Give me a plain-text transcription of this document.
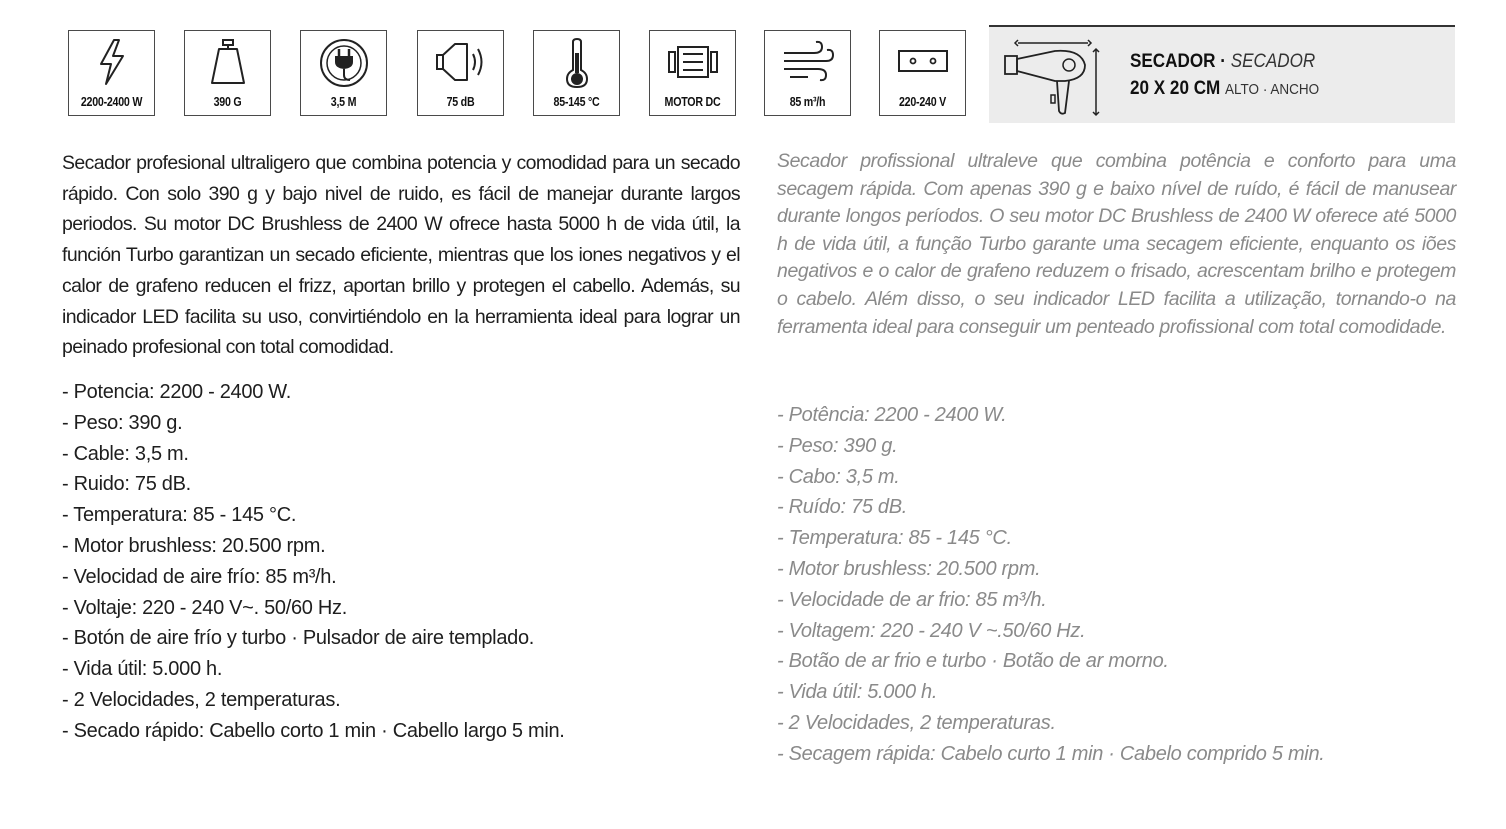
2200-2400 W	390 G	3,5 M	75 dB	85-145 °C	MOTOR DC	85 m³/h	220-240 V
SECADOR · SECADOR
20 X 20 CM ALTO · ANCHO
Secador profesional ultraligero que combina potencia y comodidad para un secado rápido. Con solo 390 g y bajo nivel de ruido, es fácil de manejar durante largos periodos. Su motor DC Brushless de 2400 W ofrece hasta 5000 h de vida útil, la función Turbo garantizan un secado eficiente, mientras que los iones negativos y el calor de grafeno reducen el frizz, aportan brillo y protegen el cabello. Además, su indicador LED facilita su uso, convirtiéndolo en la herramienta ideal para lograr un peinado profesional con total comodidad.
Secador profissional ultraleve que combina potência e conforto para uma secagem rápida. Com apenas 390 g e baixo nível de ruído, é fácil de manusear durante longos períodos. O seu motor DC Brushless de 2400 W oferece até 5000 h de vida útil, a função Turbo garante uma secagem eficiente, enquanto os iões negativos e o calor de grafeno reduzem o frisado, acrescentam brilho e protegem o cabelo. Além disso, o seu indicador LED facilita a utilização, tornando-o na ferramenta ideal para conseguir um penteado profissional com total comodidade.
- Potencia: 2200 - 2400 W.
- Peso: 390 g.
- Cable: 3,5 m.
- Ruido: 75 dB.
- Temperatura: 85 - 145 °C.
- Motor brushless: 20.500 rpm.
- Velocidad de aire frío: 85 m³/h.
- Voltaje: 220 - 240 V~. 50/60 Hz.
- Botón de aire frío y turbo · Pulsador de aire templado.
- Vida útil: 5.000 h.
- 2 Velocidades, 2 temperaturas.
- Secado rápido: Cabello corto 1 min · Cabello largo 5 min.
- Potência: 2200 - 2400 W.
- Peso: 390 g.
- Cabo: 3,5 m.
- Ruído: 75 dB.
- Temperatura: 85 - 145 °C.
- Motor brushless: 20.500 rpm.
- Velocidade de ar frio: 85 m³/h.
- Voltagem: 220 - 240 V ~.50/60 Hz.
- Botão de ar frio e turbo · Botão de ar morno.
- Vida útil: 5.000 h.
- 2 Velocidades, 2 temperaturas.
- Secagem rápida: Cabelo curto 1 min · Cabelo comprido 5 min.
